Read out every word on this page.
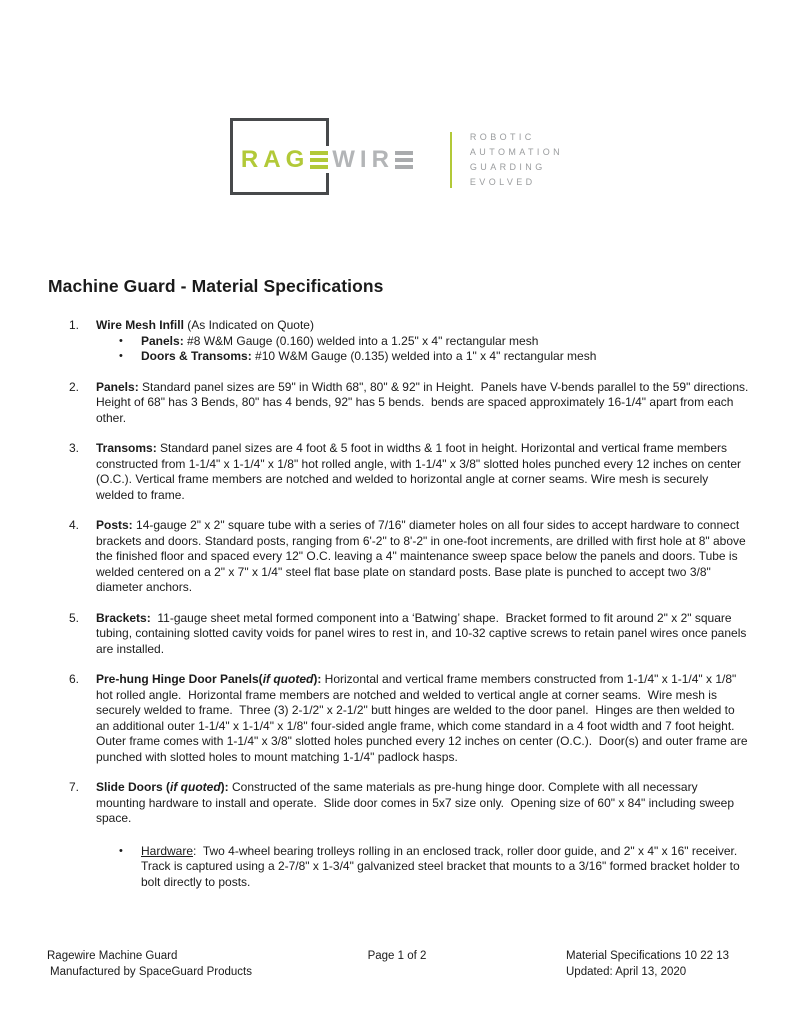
RAG WIR
ROBOTIC
AUTOMATION
GUARDING
EVOLVED
Machine Guard - Material Specifications
1.	Wire Mesh Infill (As Indicated on Quote)
•	Panels: #8 W&M Gauge (0.160) welded into a 1.25" x 4" rectangular mesh
•	Doors & Transoms: #10 W&M Gauge (0.135) welded into a 1" x 4" rectangular mesh
2.	Panels: Standard panel sizes are 59" in Width 68", 80" & 92" in Height.  Panels have V-bends parallel to the 59" directions. Height of 68" has 3 Bends, 80" has 4 bends, 92" has 5 bends.  bends are spaced approximately 16-1/4" apart from each other.
3.	Transoms: Standard panel sizes are 4 foot & 5 foot in widths & 1 foot in height. Horizontal and vertical frame members constructed from 1-1/4" x 1-1/4" x 1/8" hot rolled angle, with 1-1/4" x 3/8" slotted holes punched every 12 inches on center (O.C.). Vertical frame members are notched and welded to horizontal angle at corner seams. Wire mesh is securely welded to frame.
4.	Posts: 14-gauge 2" x 2" square tube with a series of 7/16" diameter holes on all four sides to accept hardware to connect brackets and doors. Standard posts, ranging from 6'-2" to 8'-2" in one-foot increments, are drilled with first hole at 8" above the finished floor and spaced every 12" O.C. leaving a 4" maintenance sweep space below the panels and doors. Tube is welded centered on a 2" x 7" x 1/4" steel flat base plate on standard posts. Base plate is punched to accept two 3/8" diameter anchors.
5.	Brackets:  11-gauge sheet metal formed component into a ‘Batwing’ shape.  Bracket formed to fit around 2" x 2" square tubing, containing slotted cavity voids for panel wires to rest in, and 10-32 captive screws to retain panel wires once panels are installed.
6.	Pre-hung Hinge Door Panels(if quoted): Horizontal and vertical frame members constructed from 1-1/4" x 1-1/4" x 1/8" hot rolled angle.  Horizontal frame members are notched and welded to vertical angle at corner seams.  Wire mesh is securely welded to frame.  Three (3) 2-1/2" x 2-1/2" butt hinges are welded to the door panel.  Hinges are then welded to an additional outer 1-1/4" x 1-1/4" x 1/8" four-sided angle frame, which come standard in a 4 foot width and 7 foot height.  Outer frame comes with 1-1/4" x 3/8" slotted holes punched every 12 inches on center (O.C.).  Door(s) and outer frame are punched with slotted holes to mount matching 1-1/4" padlock hasps.
7.	Slide Doors (if quoted): Constructed of the same materials as pre-hung hinge door. Complete with all necessary mounting hardware to install and operate.  Slide door comes in 5x7 size only.  Opening size of 60" x 84" including sweep space.
•	Hardware:  Two 4-wheel bearing trolleys rolling in an enclosed track, roller door guide, and 2" x 4" x 16" receiver. Track is captured using a 2-7/8" x 1-3/4" galvanized steel bracket that mounts to a 3/16" formed bracket holder to bolt directly to posts.
Ragewire Machine Guard
Manufactured by SpaceGuard Products
Page 1 of 2	Material Specifications 10 22 13
Updated: April 13, 2020
